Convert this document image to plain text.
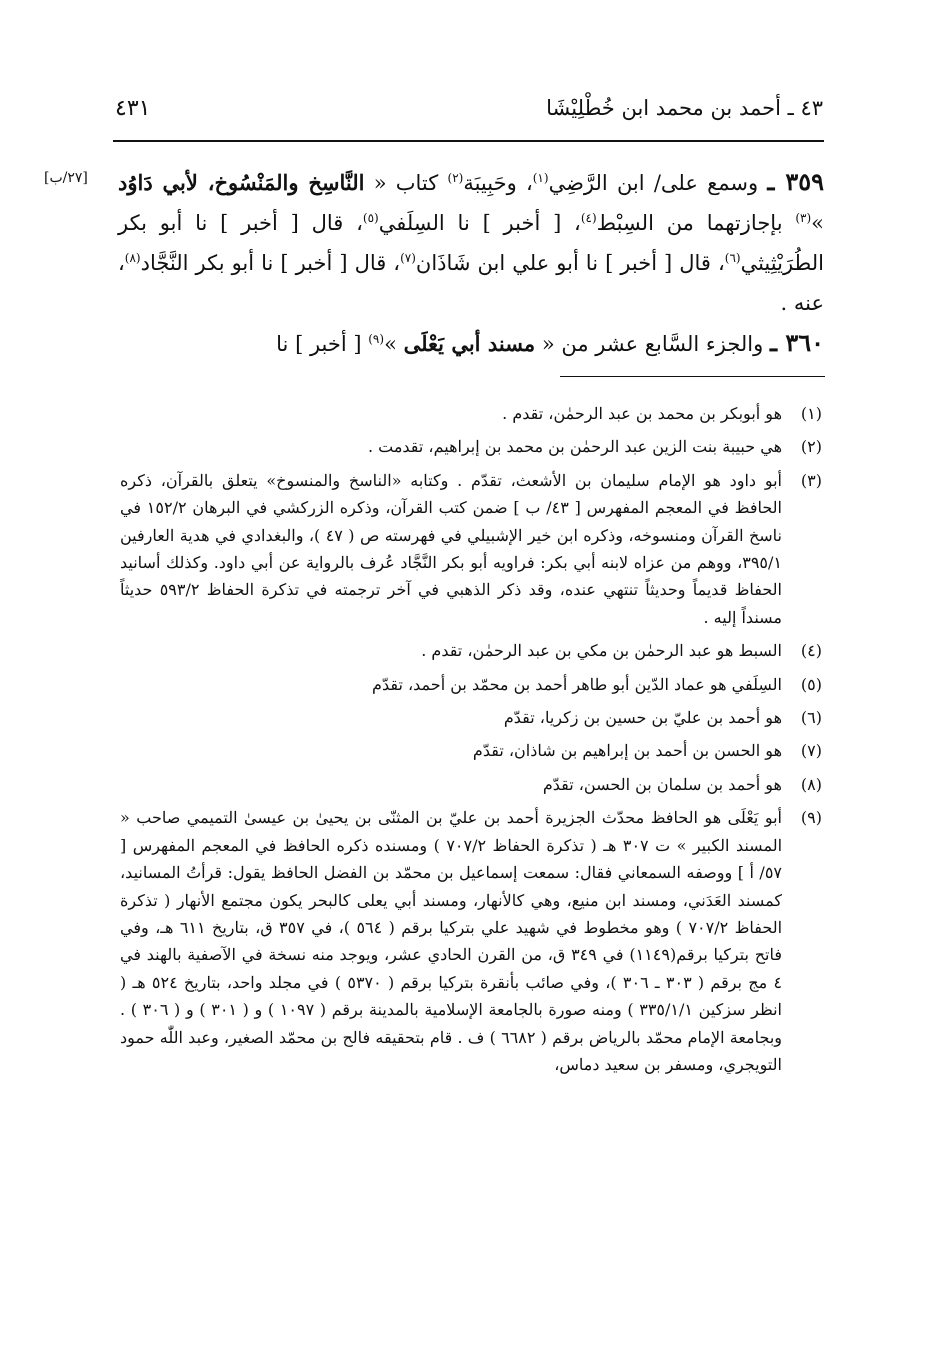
٤٣ ـ أحمد بن محمد ابن خُطْلِيْشَا
٤٣١
[٢٧/ب]	٣٥٩ ـ وسمع على/ ابن الرَّضِي$^{(١)}$، وحَبِيبَة$^{(٢)}$ كتاب « النَّاسِخ والمَنْسُوخ، لأبي دَاوُد »$^{(٣)}$ بإجازتهما من السِبْط$^{(٤)}$، [ أخبر ] نا السِلَفي$^{(٥)}$، قال [ أخبر ] نا أبو بكر الطُرَيْثِيثي$^{(٦)}$، قال [ أخبر ] نا أبو علي ابن شَاذَان$^{(٧)}$، قال [ أخبر ] نا أبو بكر النَّجَّاد$^{(٨)}$، عنه .

٣٦٠ ـ والجزء السَّابع عشر من « مسند أبي يَعْلَى »$^{(٩)}$ [ أخبر ] نا

(١)
هو أبوبكر بن محمد بن عبد الرحمٰن، تقدم .
(٢)
هي حبيبة بنت الزين عبد الرحمٰن بن محمد بن إبراهيم، تقدمت .
(٣)
أبو داود هو الإمام سليمان بن الأشعث، تقدّم . وكتابه «الناسخ والمنسوخ» يتعلق بالقرآن، ذكره الحافظ في المعجم المفهرس [ ٤٣/ ب ] ضمن كتب القرآن، وذكره الزركشي في البرهان ١٥٢/٢ في ناسخ القرآن ومنسوخه، وذكره ابن خير الإشبيلي في فهرسته ص ( ٤٧ )، والبغدادي في هدية العارفين ٣٩٥/١، ووهم من عزاه لابنه أبي بكر: فراويه أبو بكر النَّجَّاد عُرف بالرواية عن أبي داود. وكذلك أسانيد الحفاظ قديماً وحديثاً تنتهي عنده، وقد ذكر الذهبي في آخر ترجمته في تذكرة الحفاظ ٥٩٣/٢ حديثاً مسنداً إليه .
(٤)
السبط هو عبد الرحمٰن بن مكي بن عبد الرحمٰن، تقدم .
(٥)
السِلَفي هو عماد الدّين أبو طاهر أحمد بن محمّد بن أحمد، تقدّم
(٦)
هو أحمد بن عليّ بن حسين بن زكريا، تقدّم
(٧)
هو الحسن بن أحمد بن إبراهيم بن شاذان، تقدّم
(٨)
هو أحمد بن سلمان بن الحسن، تقدّم
(٩)
أبو يَعْلَى هو الحافظ محدّث الجزيرة أحمد بن عليّ بن المثنّى بن يحيىٰ بن عيسىٰ التميمي صاحب « المسند الكبير » ت ٣٠٧ هـ ( تذكرة الحفاظ ٧٠٧/٢ ) ومسنده ذكره الحافظ في المعجم المفهرس [ ٥٧/ أ ] ووصفه السمعاني فقال: سمعت إسماعيل بن محمّد بن الفضل الحافظ يقول: قرأتُ المسانيد، كمسند العَدَني، ومسند ابن منيع، وهي كالأنهار، ومسند أبي يعلى كالبحر يكون مجتمع الأنهار ( تذكرة الحفاظ ٧٠٧/٢ ) وهو مخطوط في شهيد علي بتركيا برقم ( ٥٦٤ )، في ٣٥٧ ق، بتاريخ ٦١١ هـ، وفي فاتح بتركيا برقم(١١٤٩) في ٣٤٩ ق، من القرن الحادي عشر، ويوجد منه نسخة في الآصفية بالهند في ٤ مج برقم ( ٣٠٣ ـ ٣٠٦ )، وفي صائب بأنقرة بتركيا برقم ( ٥٣٧٠ ) في مجلد واحد، بتاريخ ٥٢٤ هـ ( انظر سزكين ٣٣٥/١/١ ) ومنه صورة بالجامعة الإسلامية بالمدينة برقم ( ١٠٩٧ ) و ( ٣٠١ ) و ( ٣٠٦ ) . وبجامعة الإمام محمّد بالرياض برقم ( ٦٦٨٢ ) ف . قام بتحقيقه فالح بن محمّد الصغير، وعبد اللّٰه حمود التويجري، ومسفر بن سعيد دماس،
